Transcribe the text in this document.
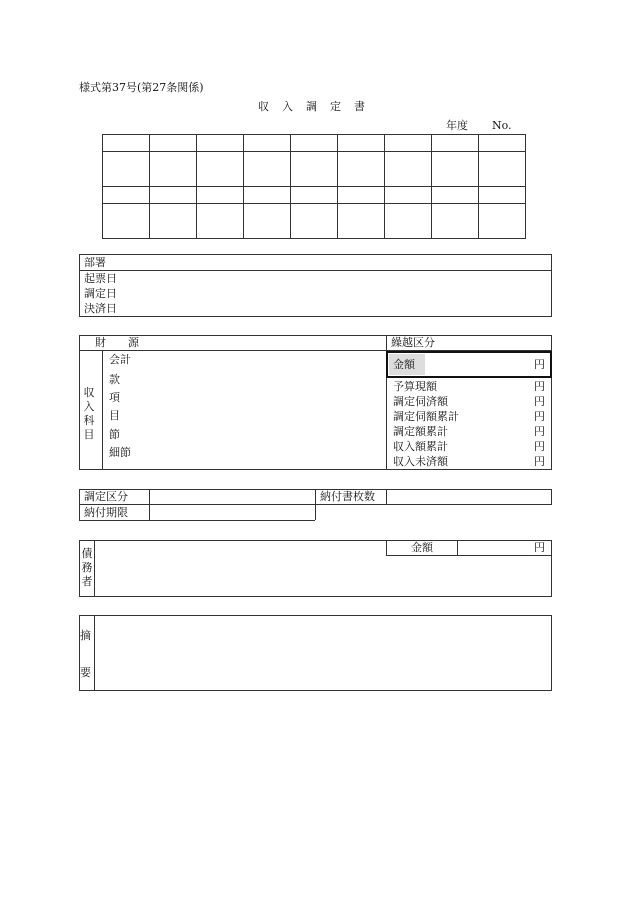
様式第37号(第27条関係)
収　入　調　定　書
年度 No.

部署
起票日
調定日
決済日
財　　源	繰越区分
収入科目
会計
款
項
目
節
細節
金額	円
予算現額	円
調定伺済額	円
調定伺額累計	円
調定額累計	円
収入額累計	円
収入未済額	円
調定区分	納付書枚数
納付期限
債務者
金額	円
摘
要
